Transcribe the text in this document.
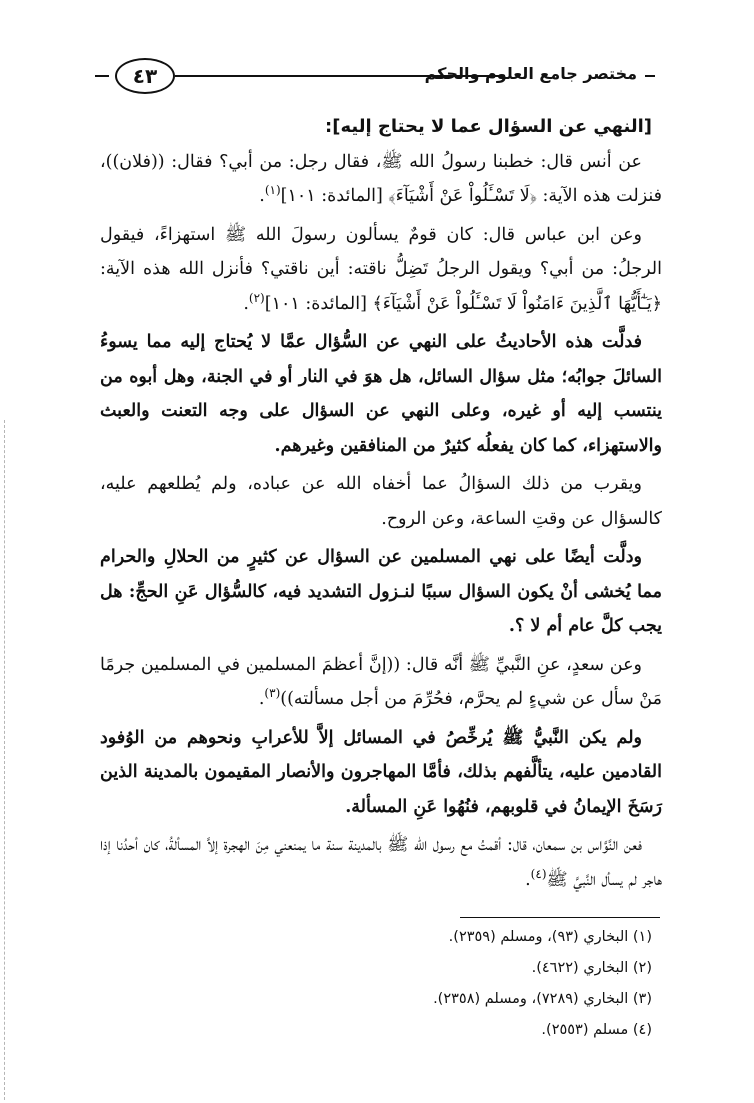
٤٣	مختصر جامع العلوم والحكم

[النهي عن السؤال عما لا يحتاج إليه]:

عن أنس قال: خطبنا رسولُ الله ﷺ، فقال رجل: من أبي؟ فقال: ((فلان))، فنزلت هذه الآية: ﴿لَا تَسْـَٔلُواْ عَنْ أَشْيَآءَ﴾ [المائدة: ١٠١]$^{(١)}$.

وعن ابن عباس قال: كان قومٌ يسألون رسولَ الله ﷺ استهزاءً، فيقول الرجلُ: من أبي؟ ويقول الرجلُ تَضِلُّ ناقته: أين ناقتي؟ فأنزل الله هذه الآية: ﴿يَـٰٓأَيُّهَا ٱلَّذِينَ ءَامَنُواْ لَا تَسْـَٔلُواْ عَنْ أَشْيَآءَ﴾ [المائدة: ١٠١]$^{(٢)}$.

فدلَّت هذه الأحاديثُ على النهي عن السُّؤال عمَّا لا يُحتاج إليه مما يسوءُ السائلَ جوابُه؛ مثل سؤال السائل، هل هوَ في النار أو في الجنة، وهل أبوه من ينتسب إليه أو غيره، وعلى النهي عن السؤال على وجه التعنت والعبث والاستهزاء، كما كان يفعلُه كثيرٌ من المنافقين وغيرهم.

ويقرب من ذلك السؤالُ عما أخفاه الله عن عباده، ولم يُطلعهم عليه، كالسؤال عن وقتِ الساعة، وعن الروح.

ودلَّت أيضًا على نهي المسلمين عن السؤال عن كثيرٍ من الحلالِ والحرام مما يُخشى أنْ يكون السؤال سببًا لنـزول التشديد فيه، كالسُّؤال عَنِ الحجِّ: هل يجب كلَّ عام أم لا ؟.

وعن سعدٍ، عنِ النَّبيِّ ﷺ أنَّه قال: ((إنَّ أعظمَ المسلمين في المسلمين جرمًا مَنْ سأل عن شيءٍ لم يحرَّم، فحُرِّمَ من أجل مسألته))$^{(٣)}$.

ولم يكن النَّبيُّ ﷺ يُرخِّصُ في المسائل إلاَّ للأعرابِ ونحوهم من الوُفود القادمين عليه، يتألَّفهم بذلك، فأمَّا المهاجرون والأنصار المقيمون بالمدينة الذين رَسَخَ الإيمانُ في قلوبهم، فنُهُوا عَنِ المسألة.

فعن النَّوَّاس بن سمعان، قال: أقمتُ مع رسول الله ﷺ بالمدينة سنة ما يمنعني مِنَ الهجرة إلاَّ المسألةُ، كان أحدُنا إذا هاجر لم يسأل النَّبيَّ ﷺ$^{(٤)}$.

(١) البخاري (٩٣)، ومسلم (٢٣٥٩).
(٢) البخاري (٤٦٢٢).
(٣) البخاري (٧٢٨٩)، ومسلم (٢٣٥٨).
(٤) مسلم (٢٥٥٣).
